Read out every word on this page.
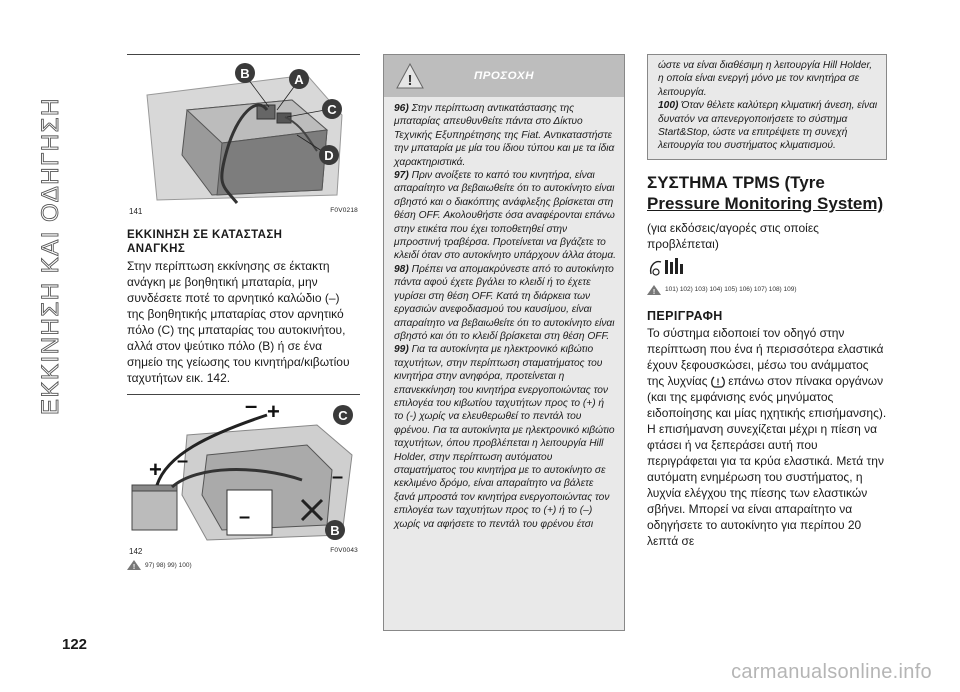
ΕΚΚΙΝΗΣΗ ΚΑΙ ΟΔΗΓΗΣΗ
122
B	A
C
D
141	F0V0218
ΕΚΚΙΝΗΣΗ ΣΕ ΚΑΤΑΣΤΑΣΗ
ΑΝΑΓΚΗΣ

Στην περίπτωση εκκίνησης σε έκτακτη ανάγκη με βοηθητική μπαταρία, μην συνδέσετε ποτέ το αρνητικό καλώδιο (–) της βοηθητικής μπαταρίας στον αρνητικό πόλο (C) της μπαταρίας του αυτοκινήτου, αλλά στον ψεύτικο πόλο (B) ή σε ένα σημείο της γείωσης του κινητήρα/κιβωτίου ταχυτήτων εικ. 142.

+
–
–
+	–
–
C
B
142	F0V0043
! 97) 98) 99) 100)
!	ΠΡΟΣΟΧΗ

96) Στην περίπτωση αντικατάστασης της μπαταρίας απευθυνθείτε πάντα στο Δίκτυο Τεχνικής Εξυπηρέτησης της Fiat. Αντικαταστήστε την μπαταρία με μία του ίδιου τύπου και με τα ίδια χαρακτηριστικά.

97) Πριν ανοίξετε το καπό του κινητήρα, είναι απαραίτητο να βεβαιωθείτε ότι το αυτοκίνητο είναι σβηστό και ο διακόπτης ανάφλεξης βρίσκεται στη θέση OFF. Ακολουθήστε όσα αναφέρονται επάνω στην ετικέτα που έχει τοποθετηθεί στην μπροστινή τραβέρσα. Προτείνεται να βγάζετε το κλειδί όταν στο αυτοκίνητο υπάρχουν άλλα άτομα.

98) Πρέπει να απομακρύνεστε από το αυτοκίνητο πάντα αφού έχετε βγάλει το κλειδί ή το έχετε γυρίσει στη θέση OFF. Κατά τη διάρκεια των εργασιών ανεφοδιασμού του καυσίμου, είναι απαραίτητο να βεβαιωθείτε ότι το αυτοκίνητο είναι σβηστό και ότι το κλειδί βρίσκεται στη θέση OFF.

99) Για τα αυτοκίνητα με ηλεκτρονικό κιβώτιο ταχυτήτων, στην περίπτωση σταματήματος του κινητήρα στην ανηφόρα, προτείνεται η επανεκκίνηση του κινητήρα ενεργοποιώντας τον επιλογέα του κιβωτίου ταχυτήτων προς το (+) ή το (-) χωρίς να ελευθερωθεί το πεντάλ του φρένου. Για τα αυτοκίνητα με ηλεκτρονικό κιβώτιο ταχυτήτων, όπου προβλέπεται η λειτουργία Hill Holder, στην περίπτωση αυτόματου σταματήματος του κινητήρα με το αυτοκίνητο σε κεκλιμένο δρόμο, είναι απαραίτητο να βάλετε ξανά μπροστά τον κινητήρα ενεργοποιώντας τον επιλογέα των ταχυτήτων προς το (+) ή το (–) χωρίς να αφήσετε το πεντάλ του φρένου έτσι

ώστε να είναι διαθέσιμη η λειτουργία Hill Holder, η οποία είναι ενεργή μόνο με τον κινητήρα σε λειτουργία.

100) Όταν θέλετε καλύτερη κλιματική άνεση, είναι δυνατόν να απενεργοποιήσετε το σύστημα Start&Stop, ώστε να επιτρέψετε τη συνεχή λειτουργία του συστήματος κλιματισμού.

ΣΥΣΤΗΜΑ TPMS (Tyre
Pressure Monitoring System)

(για εκδόσεις/αγορές στις οποίες προβλέπεται)

! 101) 102) 103) 104) 105) 106) 107) 108) 109)
ΠΕΡΙΓΡΑΦΗ

Το σύστημα ειδοποιεί τον οδηγό στην περίπτωση που ένα ή περισσότερα ελαστικά έχουν ξεφουσκώσει, μέσω του ανάμματος της λυχνίας ! επάνω στον πίνακα οργάνων (και της εμφάνισης ενός μηνύματος ειδοποίησης και μίας ηχητικής επισήμανσης). Η επισήμανση συνεχίζεται μέχρι η πίεση να φτάσει ή να ξεπεράσει αυτή που περιγράφεται για τα κρύα ελαστικά. Μετά την αυτόματη ενημέρωση του συστήματος, η λυχνία ελέγχου της πίεσης των ελαστικών σβήνει. Μπορεί να είναι απαραίτητο να οδηγήσετε το αυτοκίνητο για περίπου 20 λεπτά σε

carmanualsonline.info
